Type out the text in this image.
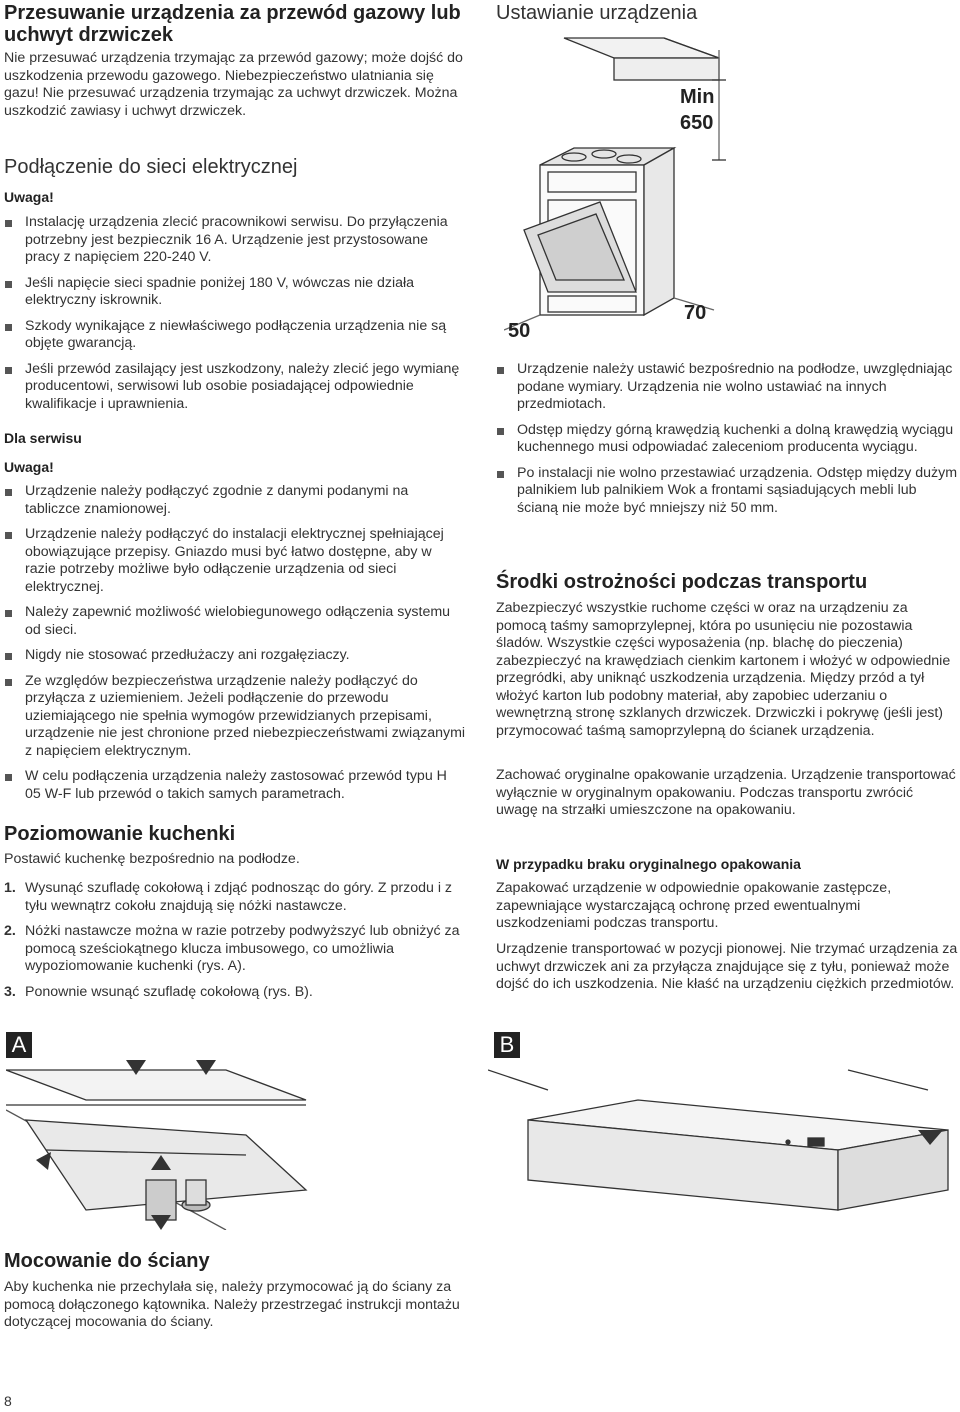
Przesuwanie urządzenia za przewód gazowy lub uchwyt drzwiczek

Nie przesuwać urządzenia trzymając za przewód gazowy; może dojść do uszkodzenia przewodu gazowego. Niebezpieczeństwo ulatniania się gazu! Nie przesuwać urządzenia trzymając za uchwyt drzwiczek. Można uszkodzić zawiasy i uchwyt drzwiczek.

Podłączenie do sieci elektrycznej
Uwaga!
Instalację urządzenia zlecić pracownikowi serwisu. Do przyłączenia potrzebny jest bezpiecznik 16 A. Urządzenie jest przystosowane pracy z napięciem 220-240 V.
Jeśli napięcie sieci spadnie poniżej 180 V, wówczas nie działa elektryczny iskrownik.
Szkody wynikające z niewłaściwego podłączenia urządzenia nie są objęte gwarancją.
Jeśli przewód zasilający jest uszkodzony, należy zlecić jego wymianę producentowi, serwisowi lub osobie posiadającej odpowiednie kwalifikacje i uprawnienia.
Dla serwisu
Uwaga!
Urządzenie należy podłączyć zgodnie z danymi podanymi na tabliczce znamionowej.
Urządzenie należy podłączyć do instalacji elektrycznej spełniającej obowiązujące przepisy. Gniazdo musi być łatwo dostępne, aby w razie potrzeby możliwe było odłączenie urządzenia od sieci elektrycznej.
Należy zapewnić możliwość wielobiegunowego odłączenia systemu od sieci.
Nigdy nie stosować przedłużaczy ani rozgałęziaczy.
Ze względów bezpieczeństwa urządzenie należy podłączyć do przyłącza z uziemieniem. Jeżeli podłączenie do przewodu uziemiającego nie spełnia wymogów przewidzianych przepisami, urządzenie nie jest chronione przed niebezpieczeństwami związanymi z napięciem elektrycznym.
W celu podłączenia urządzenia należy zastosować przewód typu H 05 W-F lub przewód o takich samych parametrach.
Poziomowanie kuchenki

Postawić kuchenkę bezpośrednio na podłodze.

1. Wysunąć szufladę cokołową i zdjąć podnosząc do góry. Z przodu i z tyłu wewnątrz cokołu znajdują się nóżki nastawcze.
2. Nóżki nastawcze można w razie potrzeby podwyższyć lub obniżyć za pomocą sześciokątnego klucza imbusowego, co umożliwia wypoziomowanie kuchenki (rys. A).
3. Ponownie wsunąć szufladę cokołową (rys. B).
Mocowanie do ściany

Aby kuchenka nie przechylała się, należy przymocować ją do ściany za pomocą dołączonego kątownika. Należy przestrzegać instrukcji montażu dotyczącej mocowania do ściany.

Ustawianie urządzenia
Min
650
50
70
Urządzenie należy ustawić bezpośrednio na podłodze, uwzględniając podane wymiary. Urządzenia nie wolno ustawiać na innych przedmiotach.
Odstęp między górną krawędzią kuchenki a dolną krawędzią wyciągu kuchennego musi odpowiadać zaleceniom producenta wyciągu.
Po instalacji nie wolno przestawiać urządzenia. Odstęp między dużym palnikiem lub palnikiem Wok a frontami sąsiadujących mebli lub ścianą nie może być mniejszy niż 50 mm.
Środki ostrożności podczas transportu

Zabezpieczyć wszystkie ruchome części w oraz na urządzeniu za pomocą taśmy samoprzylepnej, która po usunięciu nie pozostawia śladów. Wszystkie części wyposażenia (np. blachę do pieczenia) zabezpieczyć na krawędziach cienkim kartonem i włożyć w odpowiednie przegródki, aby uniknąć uszkodzenia urządzenia. Między przód a tył włożyć karton lub podobny materiał, aby zapobiec uderzaniu o wewnętrzną stronę szklanych drzwiczek. Drzwiczki i pokrywę (jeśli jest) przymocować taśmą samoprzylepną do ścianek urządzenia.

Zachować oryginalne opakowanie urządzenia. Urządzenie transportować wyłącznie w oryginalnym opakowaniu. Podczas transportu zwrócić uwagę na strzałki umieszczone na opakowaniu.

W przypadku braku oryginalnego opakowania

Zapakować urządzenie w odpowiednie opakowanie zastępcze, zapewniające wystarczającą ochronę przed ewentualnymi uszkodzeniami podczas transportu.

Urządzenie transportować w pozycji pionowej. Nie trzymać urządzenia za uchwyt drzwiczek ani za przyłącza znajdujące się z tyłu, ponieważ może dojść do ich uszkodzenia. Nie kłaść na urządzeniu ciężkich przedmiotów.

A	B
8
